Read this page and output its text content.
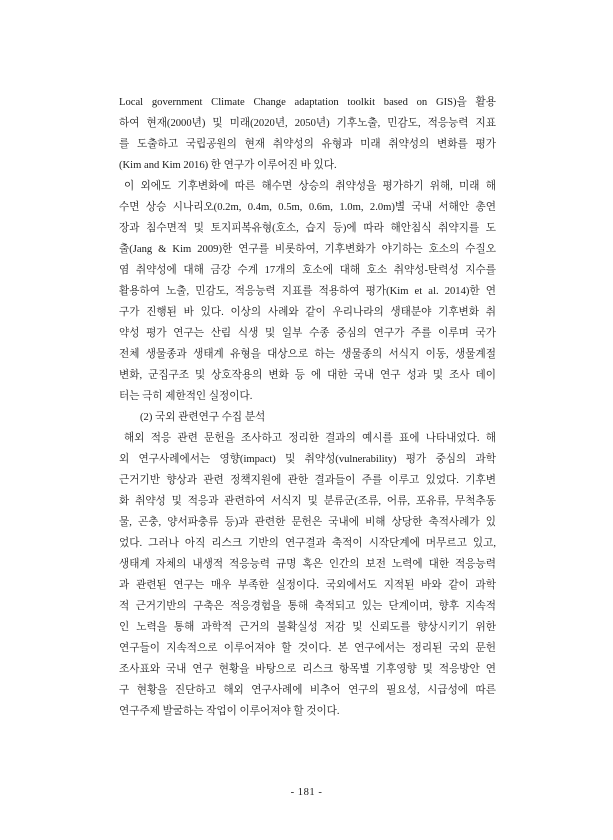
Local government Climate Change adaptation toolkit based on GIS)을 활용
하여 현재(2000년) 및 미래(2020년, 2050년) 기후노출, 민감도, 적응능력 지표
를 도출하고 국립공원의 현재 취약성의 유형과 미래 취약성의 변화를 평가
(Kim and Kim 2016) 한 연구가 이루어진 바 있다.
이 외에도 기후변화에 따른 해수면 상승의 취약성을 평가하기 위해, 미래 해
수면 상승 시나리오(0.2m, 0.4m, 0.5m, 0.6m, 1.0m, 2.0m)별 국내 서해안 총연
장과 침수면적 및 토지피복유형(호소, 습지 등)에 따라 해안침식 취약지를 도
출(Jang & Kim 2009)한 연구를 비롯하여, 기후변화가 야기하는 호소의 수질오
염 취약성에 대해 금강 수계 17개의 호소에 대해 호소 취약성-탄력성 지수를
활용하여 노출, 민감도, 적응능력 지표를 적용하여 평가(Kim et al. 2014)한 연
구가 진행된 바 있다. 이상의 사례와 같이 우리나라의 생태분야 기후변화 취
약성 평가 연구는 산림 식생 및 일부 수종 중심의 연구가 주를 이루며 국가
전체 생물종과 생태계 유형을 대상으로 하는 생물종의 서식지 이동, 생물계절
변화, 군집구조 및 상호작용의 변화 등 에 대한 국내 연구 성과 및 조사 데이
터는 극히 제한적인 실정이다.
(2) 국외 관련연구 수집 분석
해외 적응 관련 문헌을 조사하고 정리한 결과의 예시를 표에 나타내었다. 해
외 연구사례에서는 영향(impact) 및 취약성(vulnerability) 평가 중심의 과학
근거기반 향상과 관련 정책지원에 관한 결과들이 주를 이루고 있었다. 기후변
화 취약성 및 적응과 관련하여 서식지 및 분류군(조류, 어류, 포유류, 무척추동
물, 곤충, 양서파충류 등)과 관련한 문헌은 국내에 비해 상당한 축적사례가 있
었다. 그러나 아직 리스크 기반의 연구결과 축적이 시작단계에 머무르고 있고,
생태계 자체의 내생적 적응능력 규명 혹은 인간의 보전 노력에 대한 적응능력
과 관련된 연구는 매우 부족한 실정이다. 국외에서도 지적된 바와 같이 과학
적 근거기반의 구축은 적응경험을 통해 축적되고 있는 단계이며, 향후 지속적
인 노력을 통해 과학적 근거의 불확실성 저감 및 신뢰도를 향상시키기 위한
연구들이 지속적으로 이루어져야 할 것이다. 본 연구에서는 정리된 국외 문헌
조사표와 국내 연구 현황을 바탕으로 리스크 항목별 기후영향 및 적응방안 연
구 현황을 진단하고 해외 연구사례에 비추어 연구의 필요성, 시급성에 따른
연구주제 발굴하는 작업이 이루어져야 할 것이다.
- 181 -
